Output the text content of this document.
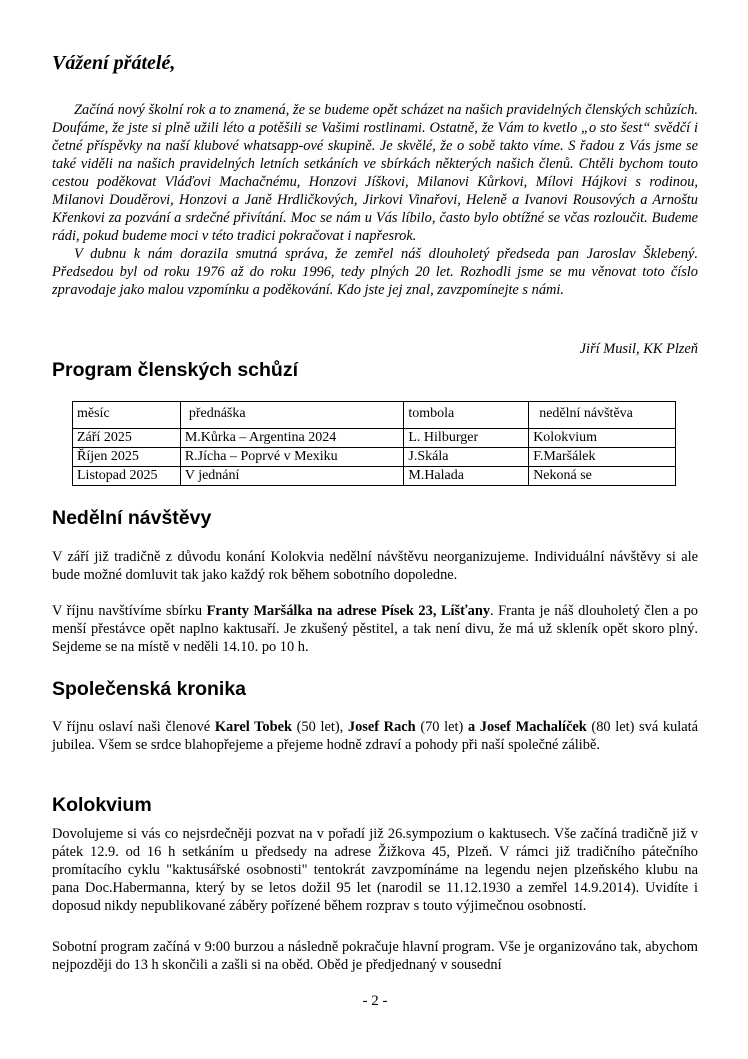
Vážení přátelé,

Začíná nový školní rok a to znamená, že se budeme opět scházet na našich pravidelných členských schůzích. Doufáme, že jste si plně užili léto a potěšili se Vašimi rostlinami. Ostatně, že Vám to kvetlo „o sto šest“ svědčí i četné příspěvky na naší klubové whatsapp-ové skupině. Je skvělé, že o sobě takto víme. S řadou z Vás jsme se také viděli na našich pravidelných letních setkáních ve sbírkách některých našich členů. Chtěli bychom touto cestou poděkovat Vláďovi Machačnému, Honzovi Jíškovi, Milanovi Kůrkovi, Mílovi Hájkovi s rodinou, Milanovi Douděrovi, Honzovi a Janě Hrdličkových, Jirkovi Vinařovi, Heleně a Ivanovi Rousových a Arnoštu Křenkovi za pozvání a srdečné přivítání. Moc se nám u Vás líbilo, často bylo obtížné se včas rozloučit. Budeme rádi, pokud budeme moci v této tradici pokračovat i napřesrok.

V dubnu k nám dorazila smutná správa, že zemřel náš dlouholetý předseda pan Jaroslav Šklebený. Předsedou byl od roku 1976 až do roku 1996, tedy plných 20 let. Rozhodli jsme se mu věnovat toto číslo zpravodaje jako malou vzpomínku a poděkování. Kdo jste jej znal, zavzpomínejte s námi.

Jiří Musil, KK Plzeň
Program členských schůzí
měsíc	přednáška	tombola	nedělní návštěva
Září 2025	M.Kůrka – Argentina 2024	L. Hilburger	Kolokvium
Říjen 2025	R.Jícha – Poprvé v Mexiku	J.Skála	F.Maršálek
Listopad 2025	V jednání	M.Halada	Nekoná se
Nedělní návštěvy

V září již tradičně z důvodu konání Kolokvia nedělní návštěvu neorganizujeme. Individuální návštěvy si ale bude možné domluvit tak jako každý rok během sobotního dopoledne.

V říjnu navštívíme sbírku Franty Maršálka na adrese Písek 23, Líšťany. Franta je náš dlouholetý člen a po menší přestávce opět naplno kaktusaří. Je zkušený pěstitel, a tak není divu, že má už skleník opět skoro plný. Sejdeme se na místě v neděli 14.10. po 10 h.

Společenská kronika

V říjnu oslaví naši členové Karel Tobek (50 let), Josef Rach (70 let) a Josef Machalíček (80 let) svá kulatá jubilea. Všem se srdce blahopřejeme a přejeme hodně zdraví a pohody při naší společné zálibě.

Kolokvium

Dovolujeme si vás co nejsrdečněji pozvat na v pořadí již 26.sympozium o kaktusech. Vše začíná tradičně již v pátek 12.9. od 16 h setkáním u předsedy na adrese Žižkova 45, Plzeň. V rámci již tradičního pátečního promítacího cyklu "kaktusářské osobnosti" tentokrát zavzpomínáme na legendu nejen plzeňského klubu na pana Doc.Habermanna, který by se letos dožil 95 let (narodil se 11.12.1930 a zemřel 14.9.2014). Uvidíte i doposud nikdy nepublikované záběry pořízené během rozprav s touto výjimečnou osobností.

Sobotní program začíná v 9:00 burzou a následně pokračuje hlavní program. Vše je organizováno tak, abychom nejpozději do 13 h skončili a zašli si na oběd. Oběd je předjednaný v sousední

- 2 -
